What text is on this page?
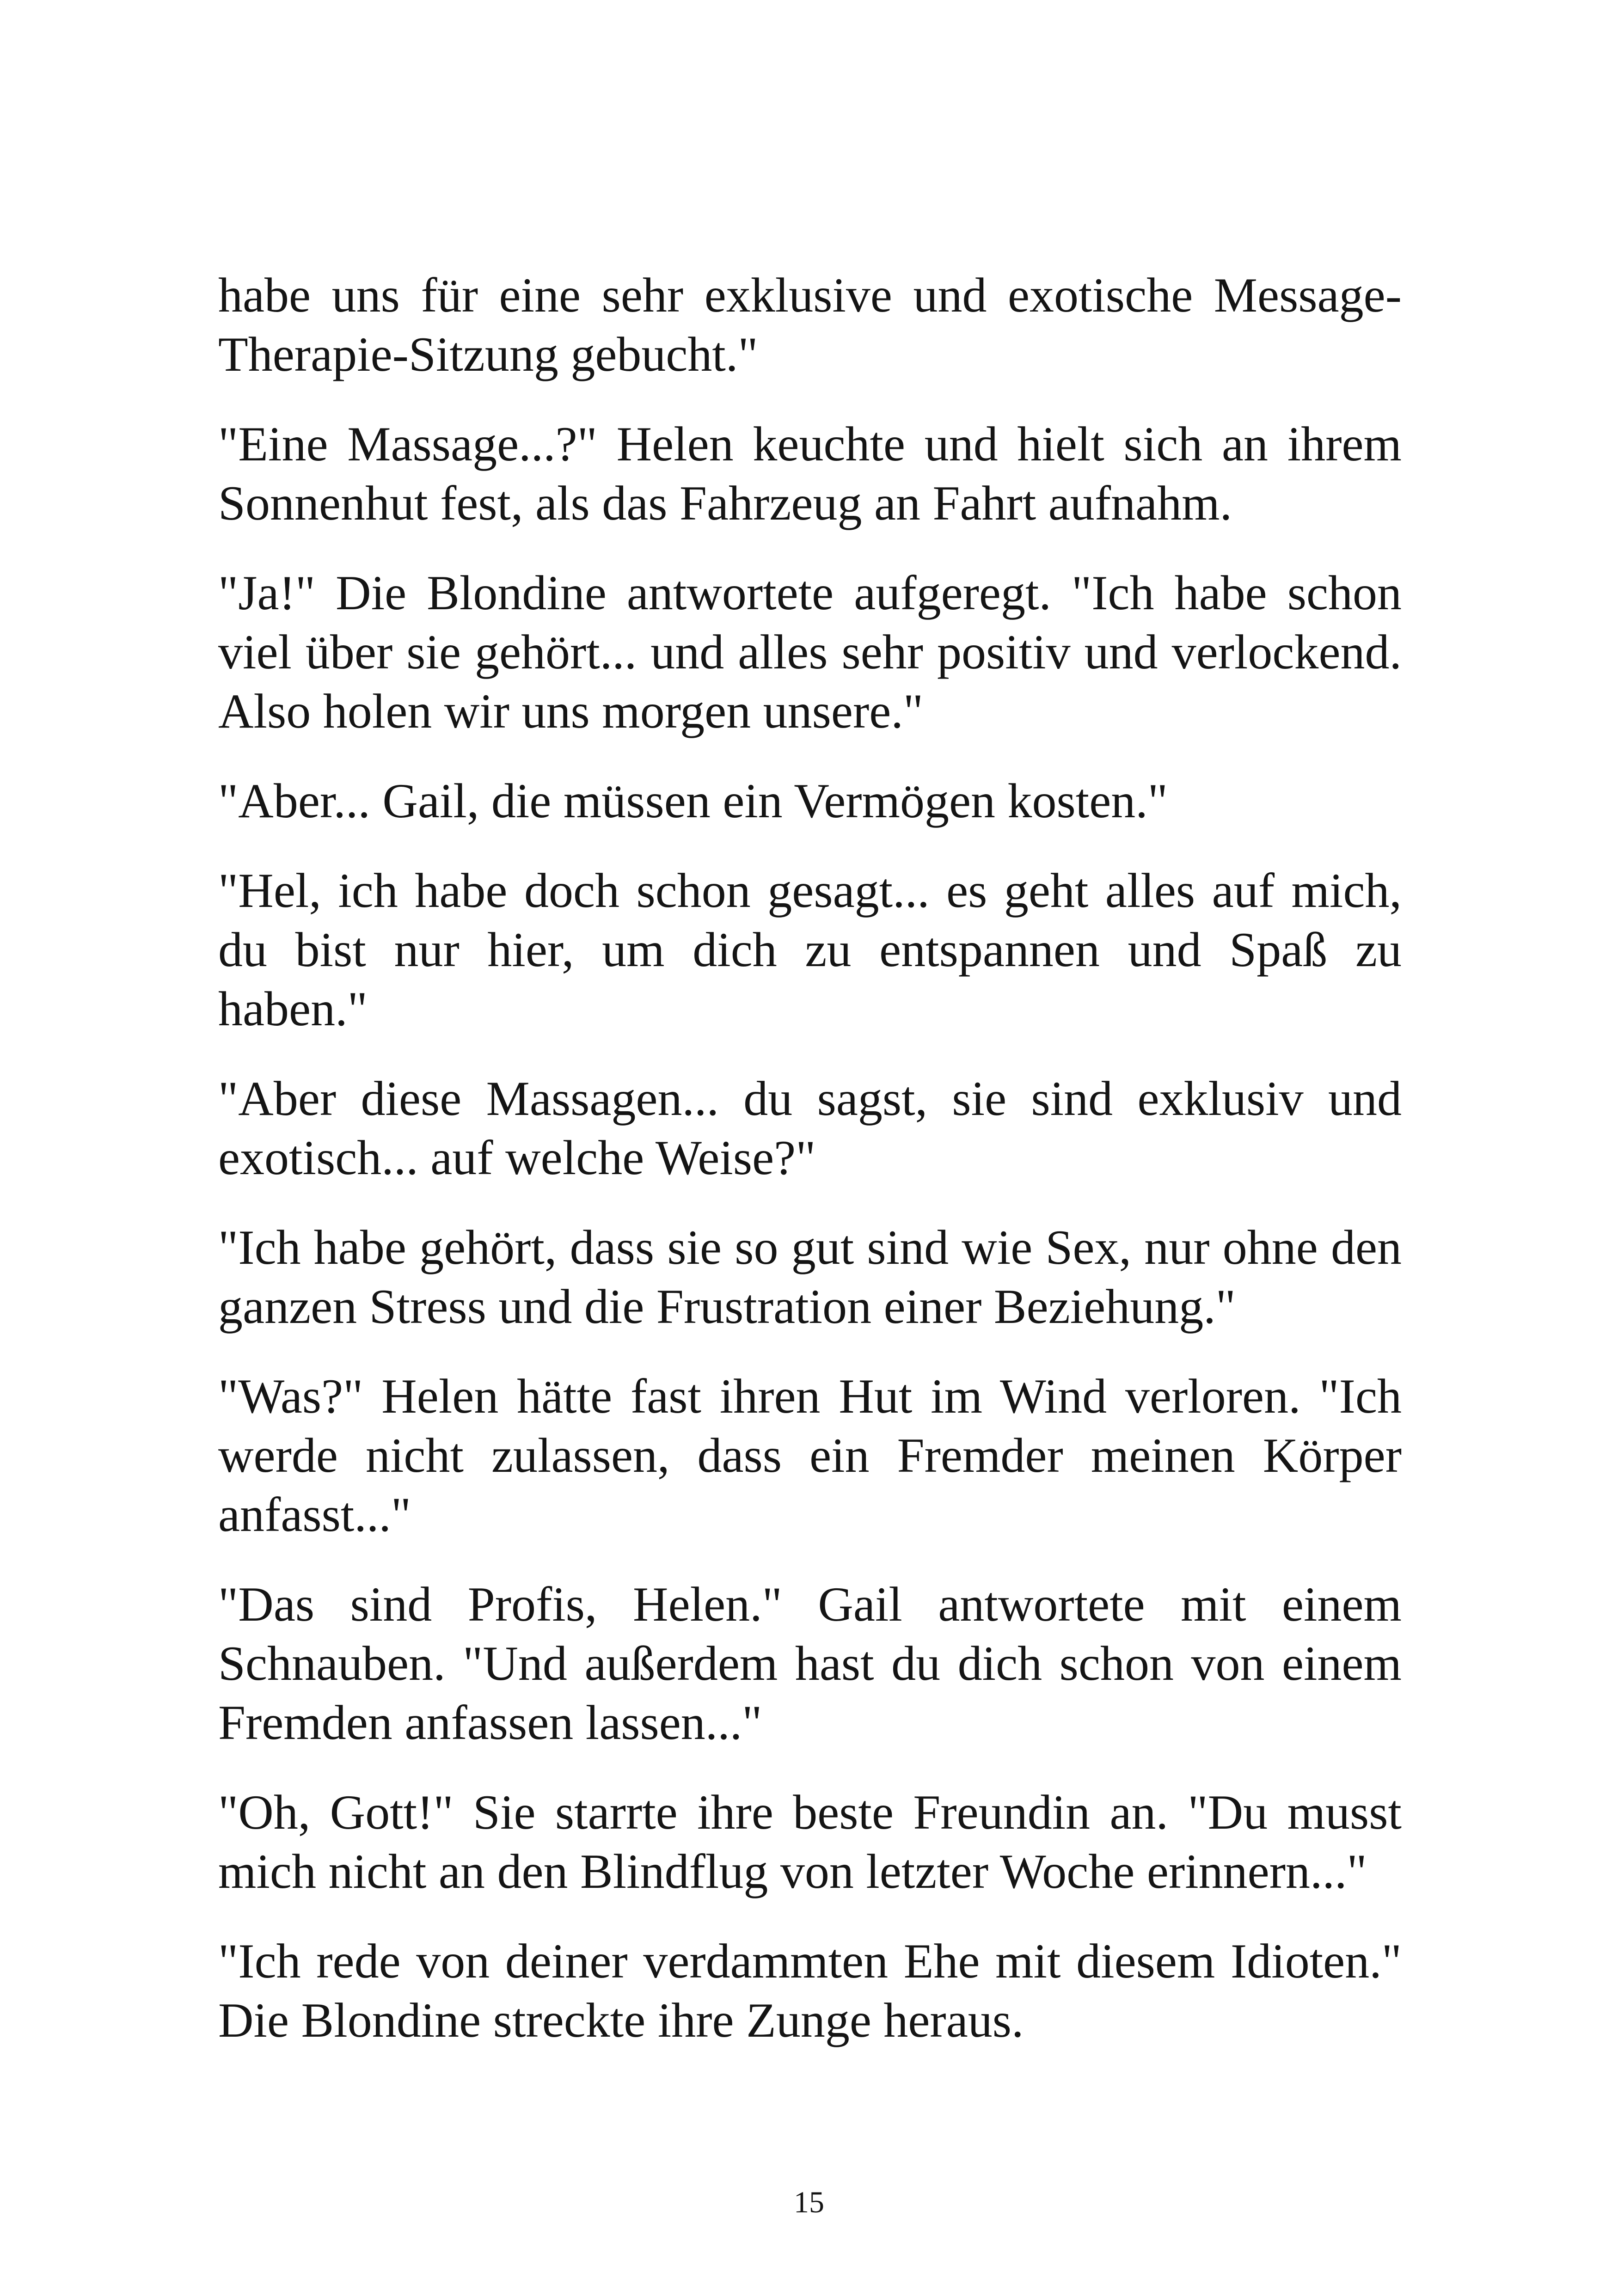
habe uns für eine sehr exklusive und exotische Message-Therapie-Sitzung gebucht."

"Eine Massage...?" Helen keuchte und hielt sich an ihrem Sonnenhut fest, als das Fahrzeug an Fahrt aufnahm.

"Ja!" Die Blondine antwortete aufgeregt. "Ich habe schon viel über sie gehört... und alles sehr positiv und verlockend. Also holen wir uns morgen unsere."

"Aber... Gail, die müssen ein Vermögen kosten."

"Hel, ich habe doch schon gesagt... es geht alles auf mich, du bist nur hier, um dich zu entspannen und Spaß zu haben."

"Aber diese Massagen... du sagst, sie sind exklusiv und exotisch... auf welche Weise?"

"Ich habe gehört, dass sie so gut sind wie Sex, nur ohne den ganzen Stress und die Frustration einer Beziehung."

"Was?" Helen hätte fast ihren Hut im Wind verloren. "Ich werde nicht zulassen, dass ein Fremder meinen Körper anfasst..."

"Das sind Profis, Helen." Gail antwortete mit einem Schnauben. "Und außerdem hast du dich schon von einem Fremden anfassen lassen..."

"Oh, Gott!" Sie starrte ihre beste Freundin an. "Du musst mich nicht an den Blindflug von letzter Woche erinnern..."

"Ich rede von deiner verdammten Ehe mit diesem Idioten." Die Blondine streckte ihre Zunge heraus.

15
